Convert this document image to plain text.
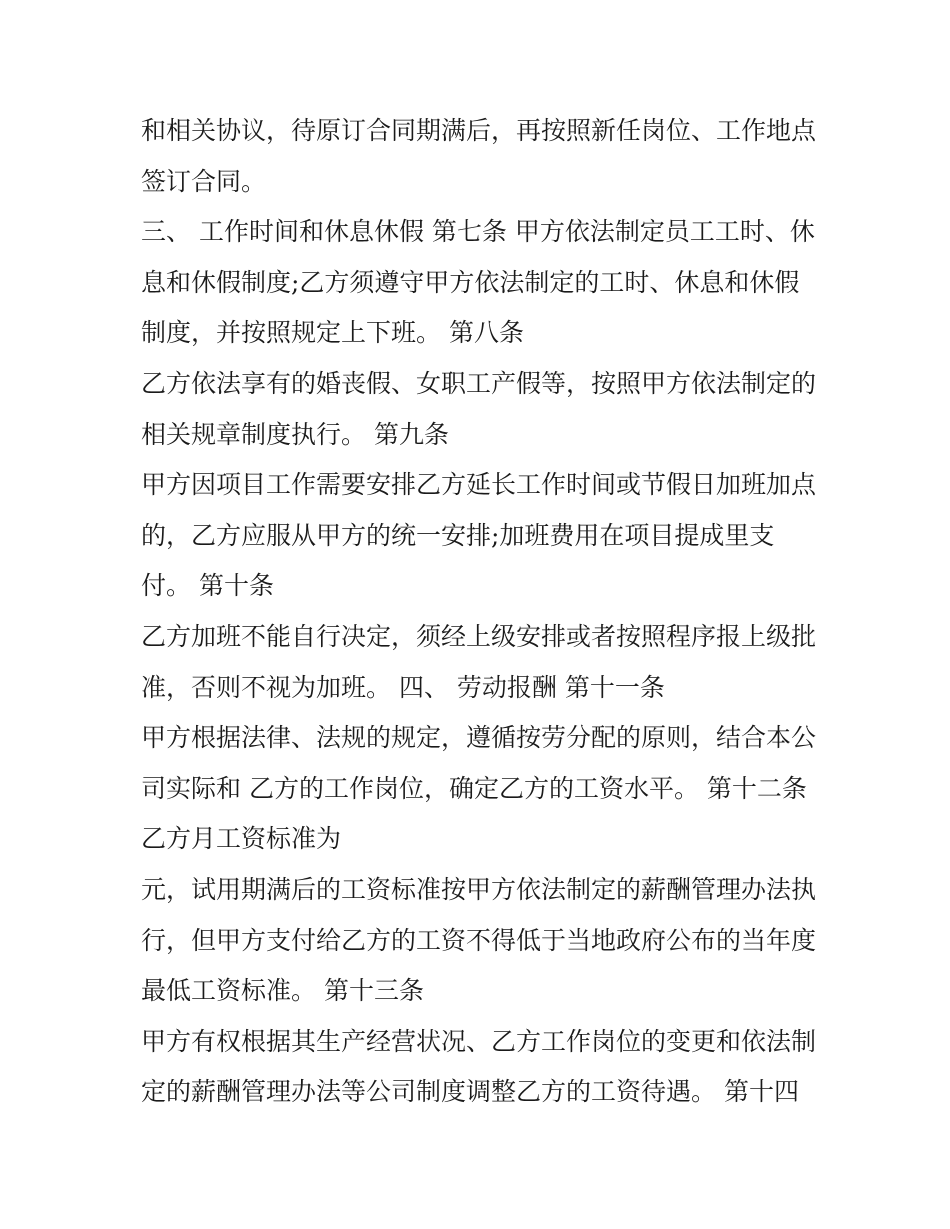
和相关协议，待原订合同期满后，再按照新任岗位、工作地点
签订合同。
三、 工作时间和休息休假 第七条 甲方依法制定员工工时、休
息和休假制度;乙方须遵守甲方依法制定的工时、休息和休假
制度，并按照规定上下班。 第八条
乙方依法享有的婚丧假、女职工产假等，按照甲方依法制定的
相关规章制度执行。 第九条
甲方因项目工作需要安排乙方延长工作时间或节假日加班加点
的，乙方应服从甲方的统一安排;加班费用在项目提成里支
付。 第十条
乙方加班不能自行决定，须经上级安排或者按照程序报上级批
准，否则不视为加班。 四、 劳动报酬 第十一条
甲方根据法律、法规的规定，遵循按劳分配的原则，结合本公
司实际和 乙方的工作岗位，确定乙方的工资水平。 第十二条
乙方月工资标准为
元，试用期满后的工资标准按甲方依法制定的薪酬管理办法执
行，但甲方支付给乙方的工资不得低于当地政府公布的当年度
最低工资标准。 第十三条
甲方有权根据其生产经营状况、乙方工作岗位的变更和依法制
定的薪酬管理办法等公司制度调整乙方的工资待遇。 第十四
